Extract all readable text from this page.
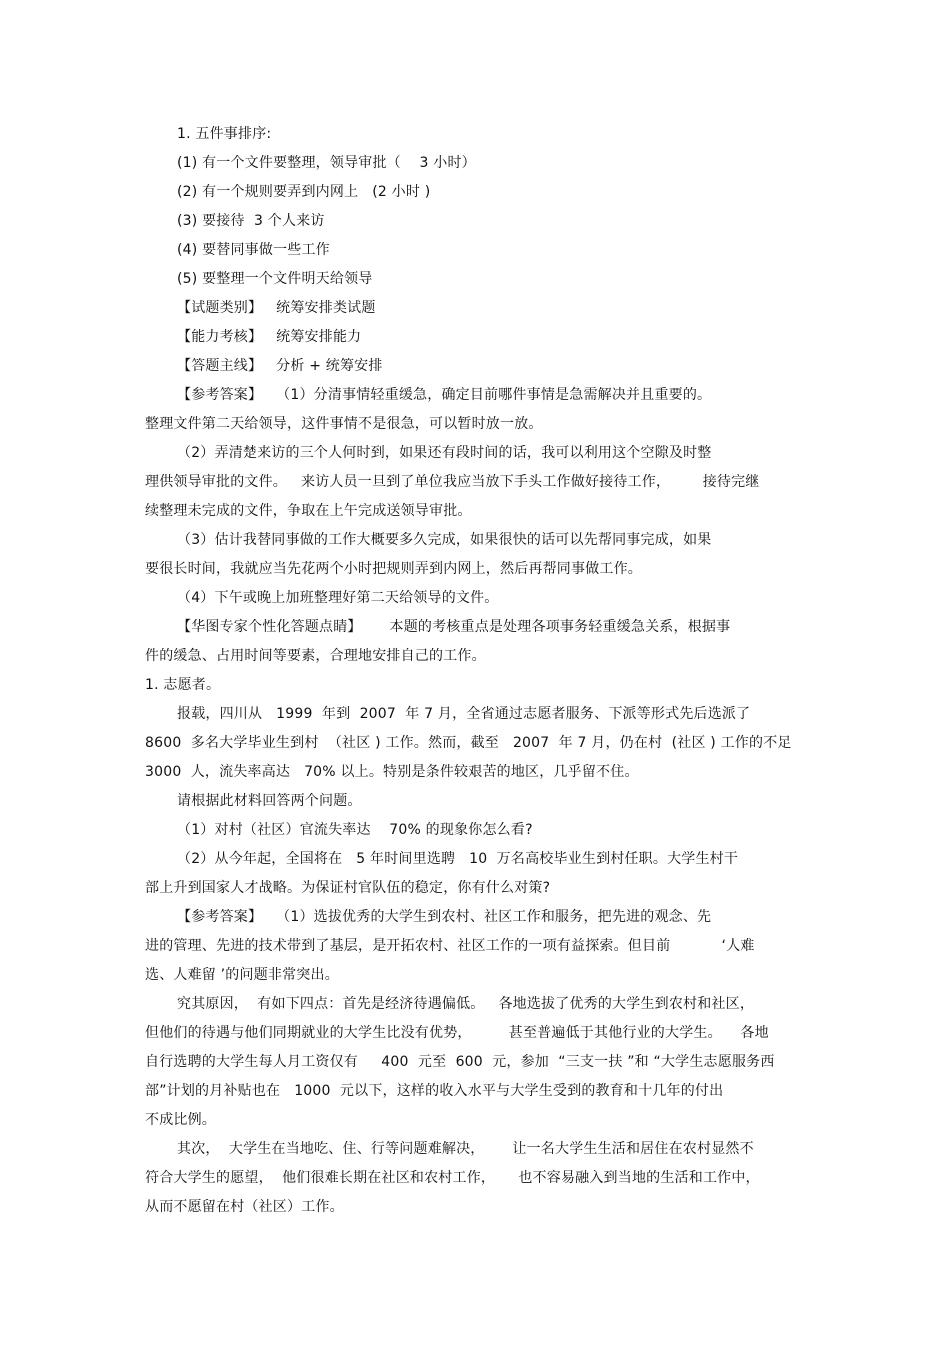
1. 五件事排序:
(1) 有一个文件要整理，领导审批（    3 小时）
(2) 有一个规则要弄到内网上   (2 小时 )
(3) 要接待  3 个人来访
(4) 要替同事做一些工作
(5) 要整理一个文件明天给领导
【试题类别】   统筹安排类试题
【能力考核】   统筹安排能力
【答题主线】   分析 + 统筹安排
【参考答案】   （1）分清事情轻重缓急，确定目前哪件事情是急需解决并且重要的。
整理文件第二天给领导，这件事情不是很急，可以暂时放一放。
（2）弄清楚来访的三个人何时到，如果还有段时间的话，我可以利用这个空隙及时整
理供领导审批的文件。   来访人员一旦到了单位我应当放下手头工作做好接待工作，       接待完继
续整理未完成的文件，争取在上午完成送领导审批。
（3）估计我替同事做的工作大概要多久完成，如果很快的话可以先帮同事完成，如果
要很长时间，我就应当先花两个小时把规则弄到内网上，然后再帮同事做工作。
（4）下午或晚上加班整理好第二天给领导的文件。
【华图专家个性化答题点睛】      本题的考核重点是处理各项事务轻重缓急关系，根据事
件的缓急、占用时间等要素，合理地安排自己的工作。
1. 志愿者。
报载，四川从   1999  年到  2007  年 7 月，全省通过志愿者服务、下派等形式先后选派了
8600  多名大学毕业生到村  （社区 ) 工作。然而，截至   2007  年 7 月，仍在村  (社区 ) 工作的不足
3000  人，流失率高达   70% 以上。特别是条件较艰苦的地区，几乎留不住。
请根据此材料回答两个问题。
（1）对村（社区）官流失率达    70% 的现象你怎么看?
（2）从今年起，全国将在   5 年时间里选聘   10  万名高校毕业生到村任职。大学生村干
部上升到国家人才战略。为保证村官队伍的稳定，你有什么对策?
【参考答案】   （1）选拔优秀的大学生到农村、社区工作和服务，把先进的观念、先
进的管理、先进的技术带到了基层，是开拓农村、社区工作的一项有益探索。但目前           ‘人难
选、人难留 ’的问题非常突出。
究其原因，  有如下四点：首先是经济待遇偏低。   各地选拔了优秀的大学生到农村和社区，
但他们的待遇与他们同期就业的大学生比没有优势，        甚至普遍低于其他行业的大学生。    各地
自行选聘的大学生每人月工资仅有     400  元至  600  元，参加  “三支一扶 ”和 “大学生志愿服务西
部”计划的月补贴也在   1000  元以下，这样的收入水平与大学生受到的教育和十几年的付出
不成比例。
其次，  大学生在当地吃、住、行等问题难解决，      让一名大学生生活和居住在农村显然不
符合大学生的愿望，  他们很难长期在社区和农村工作，     也不容易融入到当地的生活和工作中，
从而不愿留在村（社区）工作。
